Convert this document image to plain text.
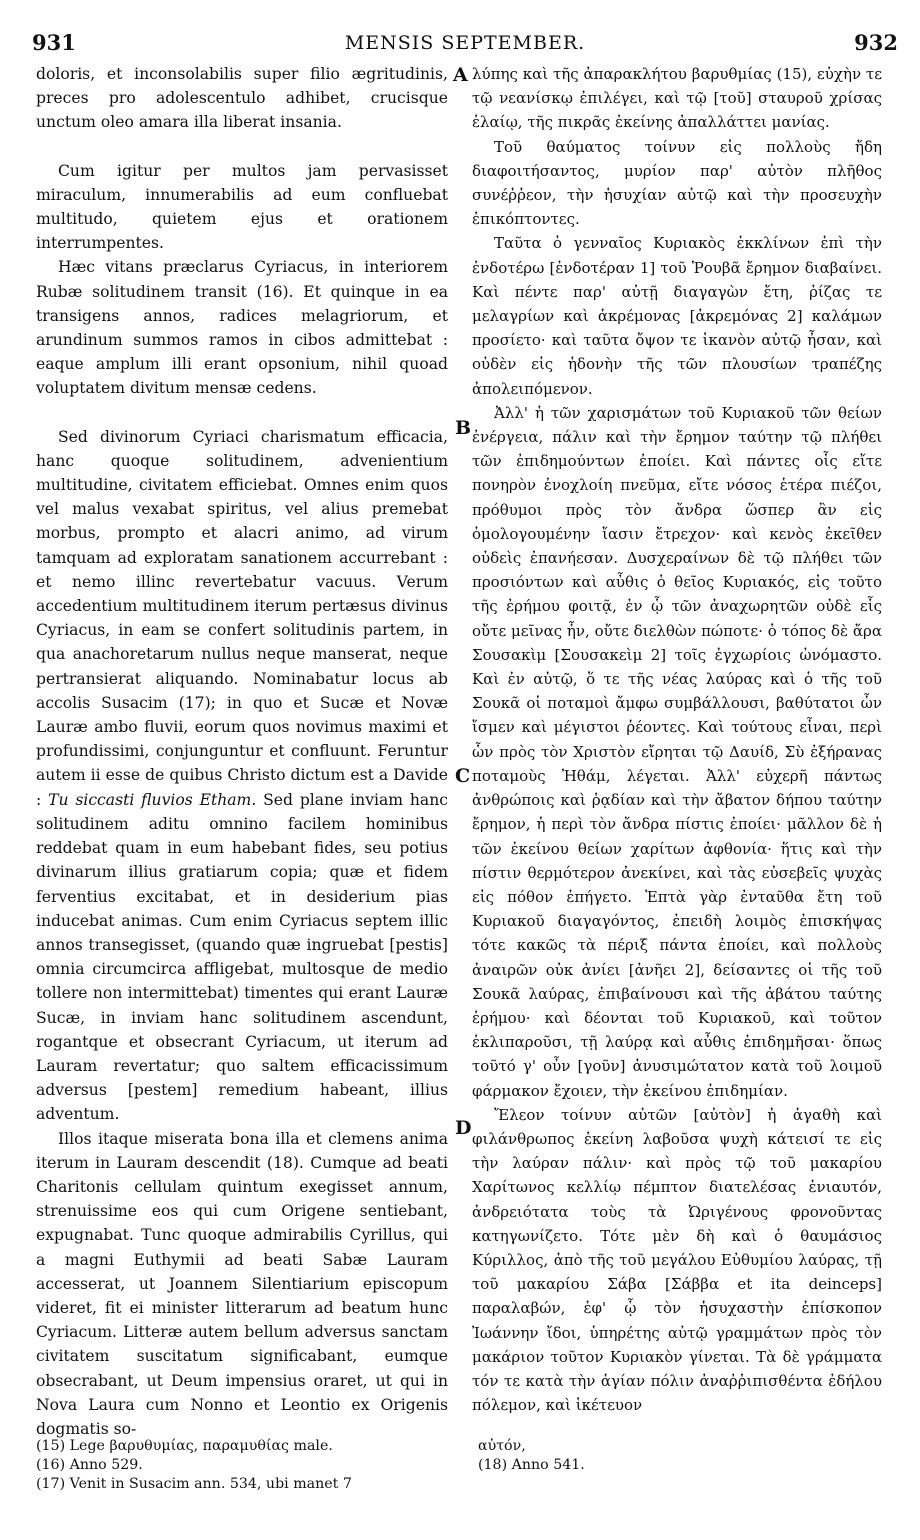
931	MENSIS SEPTEMBER.	932

doloris, et inconsolabilis super filio ægritudinis, preces pro adolescentulo adhibet, crucisque unctum oleo amara illa liberat insania.

Cum igitur per multos jam pervasisset miraculum, innumerabilis ad eum confluebat multitudo, quietem ejus et orationem interrumpentes.

Hæc vitans præclarus Cyriacus, in interiorem Rubæ solitudinem transit (16). Et quinque in ea transigens annos, radices melagriorum, et arundinum summos ramos in cibos admittebat : eaque amplum illi erant opsonium, nihil quoad voluptatem divitum mensæ cedens.

Sed divinorum Cyriaci charismatum efficacia, hanc quoque solitudinem, advenientium multitudine, civitatem efficiebat. Omnes enim quos vel malus vexabat spiritus, vel alius premebat morbus, prompto et alacri animo, ad virum tamquam ad exploratam sanationem accurrebant : et nemo illinc revertebatur vacuus. Verum accedentium multitudinem iterum pertæsus divinus Cyriacus, in eam se confert solitudinis partem, in qua anachoretarum nullus neque manserat, neque pertransierat aliquando. Nominabatur locus ab accolis Susacim (17); in quo et Sucæ et Novæ Lauræ ambo fluvii, eorum quos novimus maximi et profundissimi, conjunguntur et confluunt. Feruntur autem ii esse de quibus Christo dictum est a Davide : Tu siccasti fluvios Etham. Sed plane inviam hanc solitudinem aditu omnino facilem hominibus reddebat quam in eum habebant fides, seu potius divinarum illius gratiarum copia; quæ et fidem ferventius excitabat, et in desiderium pias inducebat animas. Cum enim Cyriacus septem illic annos transegisset, (quando quæ ingruebat [pestis] omnia circumcirca affligebat, multosque de medio tollere non intermittebat) timentes qui erant Lauræ Sucæ, in inviam hanc solitudinem ascendunt, rogantque et obsecrant Cyriacum, ut iterum ad Lauram revertatur; quo saltem efficacissimum adversus [pestem] remedium habeant, illius adventum.

Illos itaque miserata bona illa et clemens anima iterum in Lauram descendit (18). Cumque ad beati Charitonis cellulam quintum exegisset annum, strenuissime eos qui cum Origene sentiebant, expugnabat. Tunc quoque admirabilis Cyrillus, qui a magni Euthymii ad beati Sabæ Lauram accesserat, ut Joannem Silentiarium episcopum videret, fit ei minister litterarum ad beatum hunc Cyriacum. Litteræ autem bellum adversus sanctam civitatem suscitatum significabant, eumque obsecrabant, ut Deum impensius oraret, ut qui in Nova Laura cum Nonno et Leontio ex Origenis dogmatis so-

A
B
C
D

λύπης καὶ τῆς ἀπαρακλήτου βαρυθμίας (15), εὐχὴν τε τῷ νεανίσκῳ ἐπιλέγει, καὶ τῷ [τοῦ] σταυροῦ χρίσας ἐλαίῳ, τῆς πικρᾶς ἐκείνης ἀπαλλάττει μανίας.

Τοῦ θαύματος τοίνυν εἰς πολλοὺς ἤδη διαφοιτήσαντος, μυρίον παρ' αὐτὸν πλῆθος συνέῤῥεον, τὴν ἡσυχίαν αὐτῷ καὶ τὴν προσευχὴν ἐπικόπτοντες.

Ταῦτα ὁ γενναῖος Κυριακὸς ἐκκλίνων ἐπὶ τὴν ἐνδοτέρω [ἐνδοτέραν 1] τοῦ Ῥουβᾶ ἔρημον διαβαίνει. Καὶ πέντε παρ' αὐτῇ διαγαγὼν ἔτη, ῥίζας τε μελαγρίων καὶ ἀκρέμονας [ἀκρεμόνας 2] καλάμων προσίετο· καὶ ταῦτα ὄψον τε ἱκανὸν αὐτῷ ἦσαν, καὶ οὐδὲν εἰς ἡδονὴν τῆς τῶν πλουσίων τραπέζης ἀπολειπόμενον.

Ἀλλ' ἡ τῶν χαρισμάτων τοῦ Κυριακοῦ τῶν θείων ἐνέργεια, πάλιν καὶ τὴν ἔρημον ταύτην τῷ πλήθει τῶν ἐπιδημούντων ἐποίει. Καὶ πάντες οἷς εἴτε πονηρὸν ἐνοχλοίη πνεῦμα, εἴτε νόσος ἑτέρα πιέζοι, πρόθυμοι πρὸς τὸν ἄνδρα ὥσπερ ἂν εἰς ὁμολογουμένην ἴασιν ἔτρεχον· καὶ κενὸς ἐκεῖθεν οὐδεὶς ἐπανήεσαν. Δυσχεραίνων δὲ τῷ πλήθει τῶν προσιόντων καὶ αὖθις ὁ θεῖος Κυριακός, εἰς τοῦτο τῆς ἐρήμου φοιτᾷ, ἐν ᾧ τῶν ἀναχωρητῶν οὐδὲ εἷς οὔτε μεῖνας ἦν, οὔτε διελθὼν πώποτε· ὁ τόπος δὲ ἄρα Σουσακὶμ [Σουσακεὶμ 2] τοῖς ἐγχωρίοις ὠνόμαστο. Καὶ ἐν αὐτῷ, ὅ τε τῆς νέας λαύρας καὶ ὁ τῆς τοῦ Σουκᾶ οἱ ποταμοὶ ἄμφω συμβάλλουσι, βαθύτατοι ὧν ἴσμεν καὶ μέγιστοι ῥέοντες. Καὶ τούτους εἶναι, περὶ ὧν πρὸς τὸν Χριστὸν εἴρηται τῷ Δαυίδ, Σὺ ἐξήρανας ποταμοὺς Ἠθάμ, λέγεται. Ἀλλ' εὐχερῆ πάντως ἀνθρώποις καὶ ῥᾳδίαν καὶ τὴν ἄβατον δήπου ταύτην ἔρημον, ἡ περὶ τὸν ἄνδρα πίστις ἐποίει· μᾶλλον δὲ ἡ τῶν ἐκείνου θείων χαρίτων ἀφθονία· ἥτις καὶ τὴν πίστιν θερμότερον ἀνεκίνει, καὶ τὰς εὐσεβεῖς ψυχὰς εἰς πόθον ἐπήγετο. Ἑπτὰ γὰρ ἐνταῦθα ἔτη τοῦ Κυριακοῦ διαγαγόντος, ἐπειδὴ λοιμὸς ἐπισκήψας τότε κακῶς τὰ πέριξ πάντα ἐποίει, καὶ πολλοὺς ἀναιρῶν οὐκ ἀνίει [ἀνῆει 2], δείσαντες οἱ τῆς τοῦ Σουκᾶ λαύρας, ἐπιβαίνουσι καὶ τῆς ἀβάτου ταύτης ἐρήμου· καὶ δέονται τοῦ Κυριακοῦ, καὶ τοῦτον ἐκλιπαροῦσι, τῇ λαύρᾳ καὶ αὖθις ἐπιδημῆσαι· ὅπως τοῦτό γ' οὖν [γοῦν] ἀνυσιμώτατον κατὰ τοῦ λοιμοῦ φάρμακον ἔχοιεν, τὴν ἐκείνου ἐπιδημίαν.

Ἔλεον τοίνυν αὐτῶν [αὐτὸν] ἡ ἀγαθὴ καὶ φιλάνθρωπος ἐκείνη λαβοῦσα ψυχὴ κάτεισί τε εἰς τὴν λαύραν πάλιν· καὶ πρὸς τῷ τοῦ μακαρίου Χαρίτωνος κελλίῳ πέμπτον διατελέσας ἐνιαυτόν, ἀνδρειότατα τοὺς τὰ Ὠριγένους φρονοῦντας κατηγωνίζετο. Τότε μὲν δὴ καὶ ὁ θαυμάσιος Κύριλλος, ἀπὸ τῆς τοῦ μεγάλου Εὐθυμίου λαύρας, τῇ τοῦ μακαρίου Σάβα [Σάββα et ita deinceps] παραλαβών, ἐφ' ᾧ τὸν ἡσυχαστὴν ἐπίσκοπον Ἰωάννην ἴδοι, ὑπηρέτης αὐτῷ γραμμάτων πρὸς τὸν μακάριον τοῦτον Κυριακὸν γίνεται. Τὰ δὲ γράμματα τόν τε κατὰ τὴν ἁγίαν πόλιν ἀναῤῥιπισθέντα ἐδήλου πόλεμον, καὶ ἱκέτευον

(15) Lege βαρυθυμίας, παραμυθίας male.

(16) Anno 529.

(17) Venit in Susacim ann. 534, ubi manet 7

αὐτόν,

(18) Anno 541.
